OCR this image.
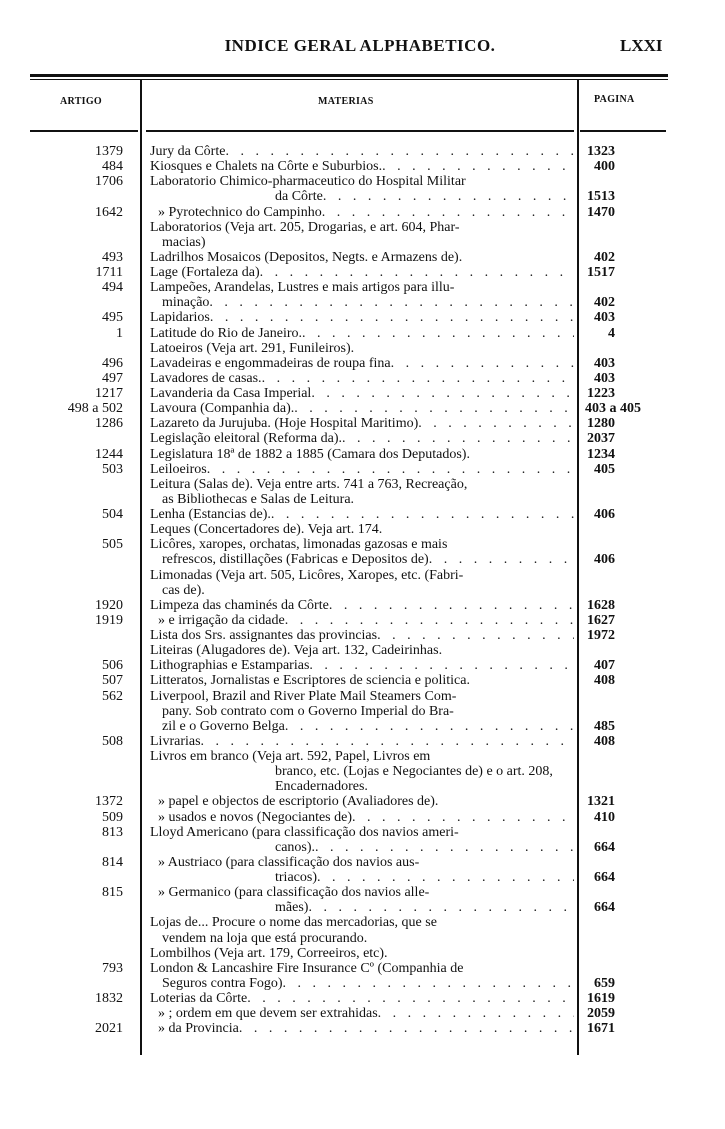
INDICE GERAL ALPHABETICO.	LXXI
ARTIGO	MATERIAS	PAGINA
1379 Jury da Côrte . . .	1323
484 Kiosques e Chalets na Côrte e Suburbios. . . .	400
1706 Laboratorio Chimico-pharmaceutico do Hospital Militar
da Côrte . . .	1513
1642	» Pyrotechnico do Campinho . . .	1470
Laboratorios (Veja art. 205, Drogarias, e art. 604, Phar-
macias)
493 Ladrilhos Mosaicos (Depositos, Negts. e Armazens de).	402
1711 Lage (Fortaleza da) . . .	1517
494 Lampeões, Arandelas, Lustres e mais artigos para illu-
minação . . .	402
495 Lapidarios . . .	403
1 Latitude do Rio de Janeiro. . . .	4
Latoeiros (Veja art. 291, Funileiros).
496 Lavadeiras e engommadeiras de roupa fina . . .	403
497 Lavadores de casas. . . .	403
1217 Lavanderia da Casa Imperial . . .	1223
498 a 502 Lavoura (Companhia da). . . .	403 a 405
1286 Lazareto da Jurujuba. (Hoje Hospital Maritimo) . . .	1280
Legislação eleitoral (Reforma da). . . .	2037
1244 Legislatura 18ª de 1882 a 1885 (Camara dos Deputados).	1234
503 Leiloeiros . . .	405
Leitura (Salas de). Veja entre arts. 741 a 763, Recreação,
as Bibliothecas e Salas de Leitura.
504 Lenha (Estancias de). . . .	406
Leques (Concertadores de). Veja art. 174.
505 Licôres, xaropes, orchatas, limonadas gazosas e mais
refrescos, distillações (Fabricas e Depositos de) . . .	406
Limonadas (Veja art. 505, Licôres, Xaropes, etc. (Fabri-
cas de).
1920 Limpeza das chaminés da Côrte . . .	1628
1919	» e irrigação da cidade . . .	1627
Lista dos Srs. assignantes das provincias . . .	1972
Liteiras (Alugadores de). Veja art. 132, Cadeirinhas.
506 Lithographias e Estamparias . . .	407
507 Litteratos, Jornalistas e Escriptores de sciencia e politica.	408
562 Liverpool, Brazil and River Plate Mail Steamers Com-
pany. Sob contrato com o Governo Imperial do Bra-
zil e o Governo Belga . . .	485
508 Livrarias . . .	408
Livros em branco (Veja art. 592, Papel, Livros em
branco, etc. (Lojas e Negociantes de) e o art. 208,
Encadernadores.
1372	» papel e objectos de escriptorio (Avaliadores de).	1321
509	» usados e novos (Negociantes de) . . .	410
813 Lloyd Americano (para classificação dos navios ameri-
canos). . . .	664
814	» Austriaco (para classificação dos navios aus-
triacos) . . .	664
815	» Germanico (para classificação dos navios alle-
mães) . . .	664
Lojas de... Procure o nome das mercadorias, que se
vendem na loja que está procurando.
Lombilhos (Veja art. 179, Correeiros, etc).
793 London & Lancashire Fire Insurance Cº (Companhia de
Seguros contra Fogo) . . .	659
1832 Loterias da Côrte . . .	1619
» ; ordem em que devem ser extrahidas . . .	2059
2021	» da Provincia . . .	1671
